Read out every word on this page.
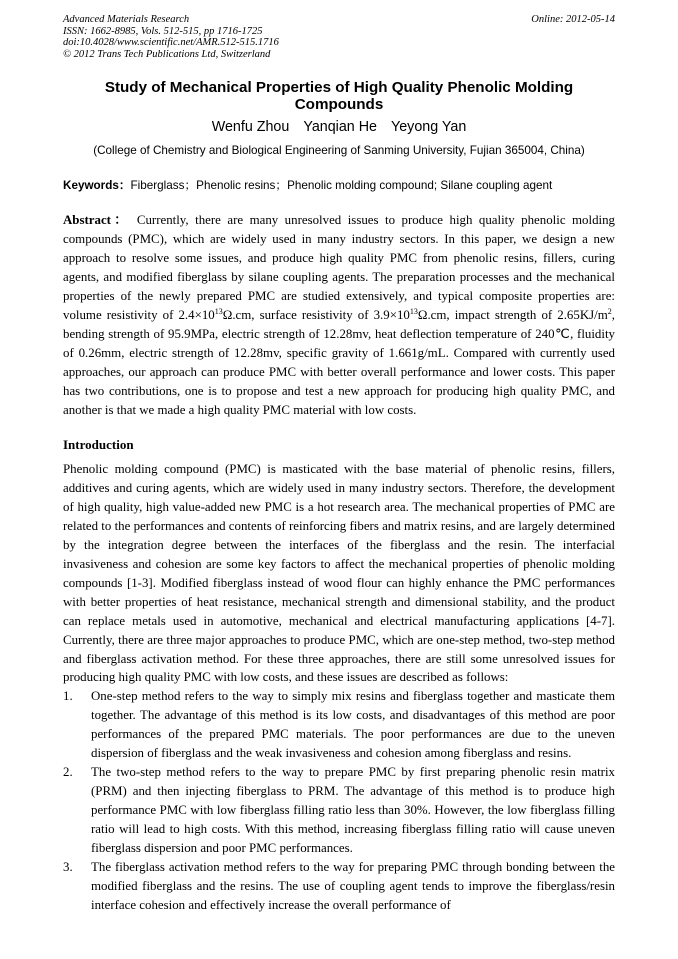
Advanced Materials Research
ISSN: 1662-8985, Vols. 512-515, pp 1716-1725
doi:10.4028/www.scientific.net/AMR.512-515.1716
© 2012 Trans Tech Publications Ltd, Switzerland
Online: 2012-05-14
Study of Mechanical Properties of High Quality Phenolic Molding Compounds
Wenfu Zhou Yanqian He Yeyong Yan
(College of Chemistry and Biological Engineering of Sanming University, Fujian 365004, China)
Keywords：Fiberglass；Phenolic resins；Phenolic molding compound; Silane coupling agent
Abstract： Currently, there are many unresolved issues to produce high quality phenolic molding compounds (PMC), which are widely used in many industry sectors. In this paper, we design a new approach to resolve some issues, and produce high quality PMC from phenolic resins, fillers, curing agents, and modified fiberglass by silane coupling agents. The preparation processes and the mechanical properties of the newly prepared PMC are studied extensively, and typical composite properties are: volume resistivity of $2.4\times 10^{13}\Omega.cm$, surface resistivity of $3.9\times 10^{13}\Omega.cm$, impact strength of $2.65KJ/m^2$, bending strength of 95.9MPa, electric strength of 12.28mv, heat deflection temperature of 240℃, fluidity of 0.26mm, electric strength of 12.28mv, specific gravity of 1.661g/mL. Compared with currently used approaches, our approach can produce PMC with better overall performance and lower costs. This paper has two contributions, one is to propose and test a new approach for producing high quality PMC, and another is that we made a high quality PMC material with low costs.
Introduction

Phenolic molding compound (PMC) is masticated with the base material of phenolic resins, fillers, additives and curing agents, which are widely used in many industry sectors. Therefore, the development of high quality, high value-added new PMC is a hot research area. The mechanical properties of PMC are related to the performances and contents of reinforcing fibers and matrix resins, and are largely determined by the integration degree between the interfaces of the fiberglass and the resin. The interfacial invasiveness and cohesion are some key factors to affect the mechanical properties of phenolic molding compounds [1-3]. Modified fiberglass instead of wood flour can highly enhance the PMC performances with better properties of heat resistance, mechanical strength and dimensional stability, and the product can replace metals used in automotive, mechanical and electrical manufacturing applications [4-7]. Currently, there are three major approaches to produce PMC, which are one-step method, two-step method and fiberglass activation method. For these three approaches, there are still some unresolved issues for producing high quality PMC with low costs, and these issues are described as follows:

1. One-step method refers to the way to simply mix resins and fiberglass together and masticate them together. The advantage of this method is its low costs, and disadvantages of this method are poor performances of the prepared PMC materials. The poor performances are due to the uneven dispersion of fiberglass and the weak invasiveness and cohesion among fiberglass and resins.
2. The two-step method refers to the way to prepare PMC by first preparing phenolic resin matrix (PRM) and then injecting fiberglass to PRM. The advantage of this method is to produce high performance PMC with low fiberglass filling ratio less than 30%. However, the low fiberglass filling ratio will lead to high costs. With this method, increasing fiberglass filling ratio will cause uneven fiberglass dispersion and poor PMC performances.
3. The fiberglass activation method refers to the way for preparing PMC through bonding between the modified fiberglass and the resins. The use of coupling agent tends to improve the fiberglass/resin interface cohesion and effectively increase the overall performance of
